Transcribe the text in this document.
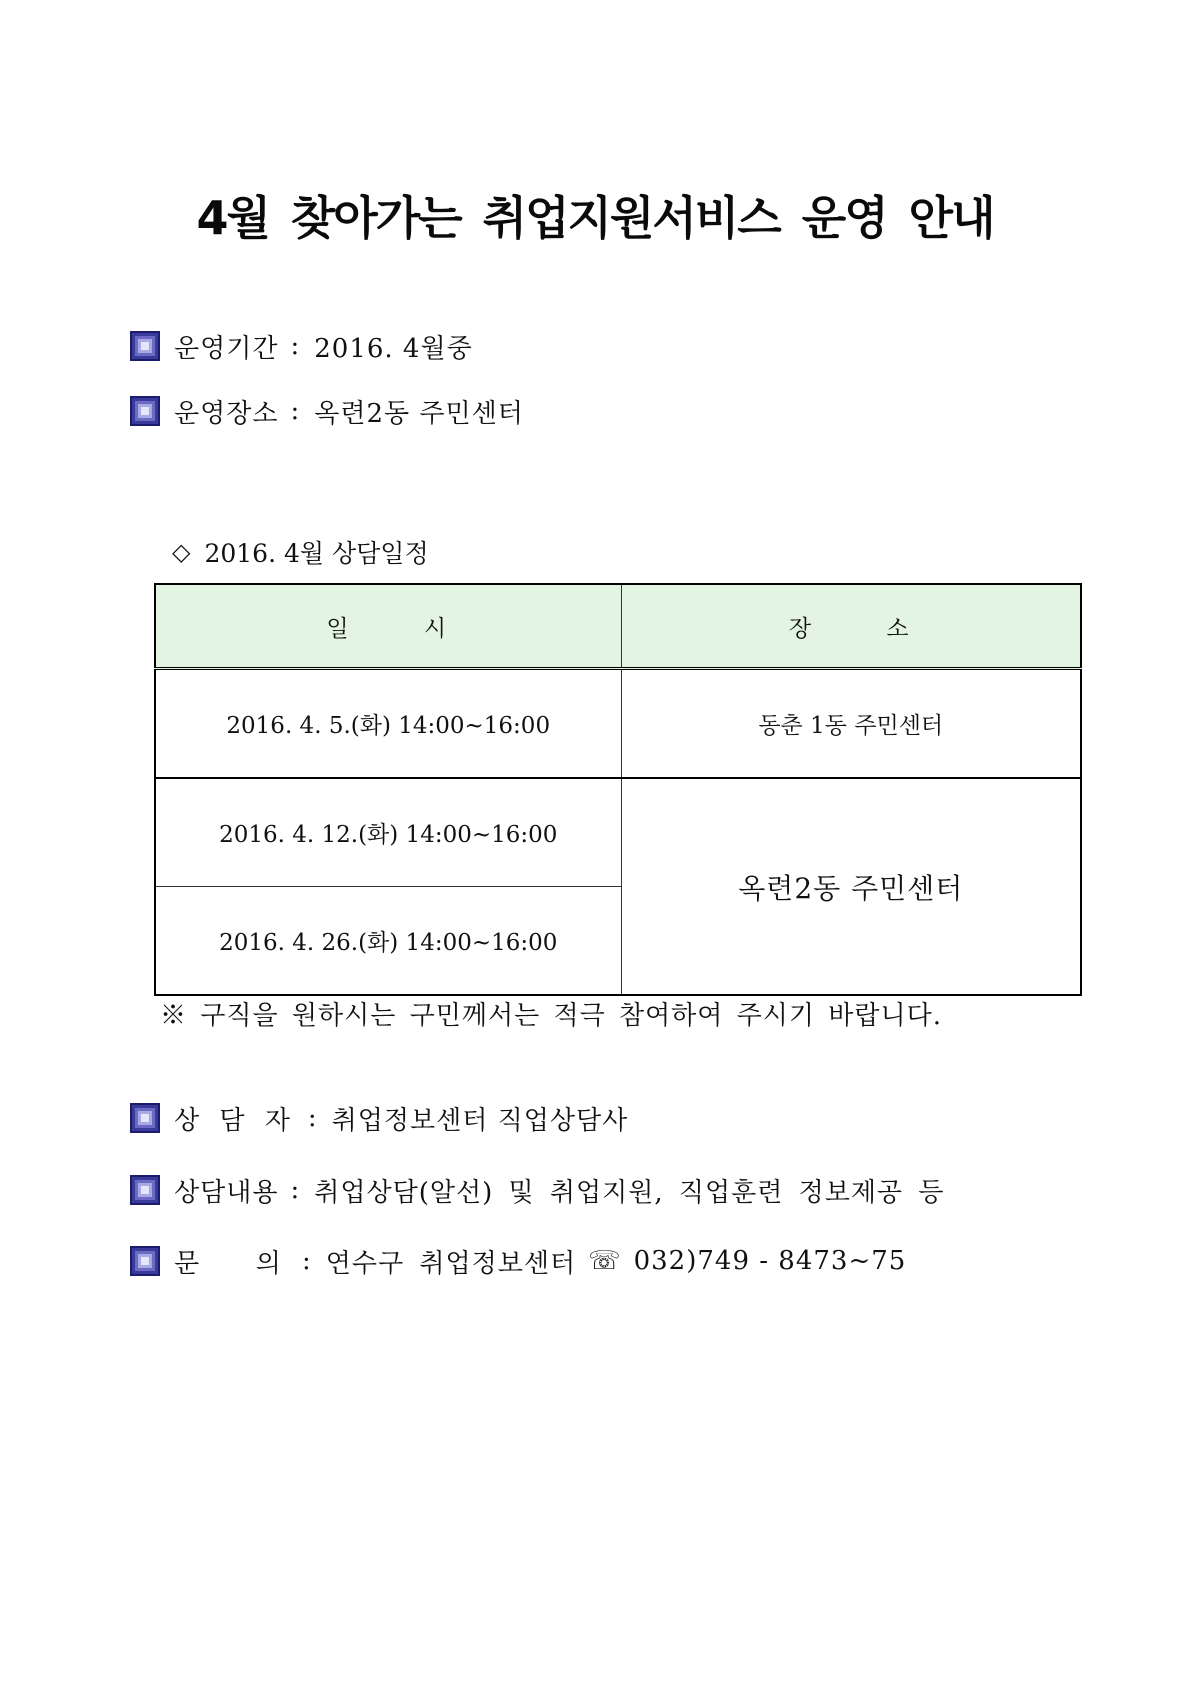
4월 찾아가는 취업지원서비스 운영 안내
운영기간 : 2016. 4월중
운영장소 : 옥련2동 주민센터
◇ 2016. 4월 상담일정
일 시	장 소
2016. 4. 5.(화) 14:00~16:00	동춘 1동 주민센터
2016. 4. 12.(화) 14:00~16:00	옥련2동 주민센터
2016. 4. 26.(화) 14:00~16:00	
※ 구직을 원하시는 구민께서는 적극 참여하여 주시기 바랍니다.
상 담 자 : 취업정보센터 직업상담사
상담내용 : 취업상담(알선) 및 취업지원, 직업훈련 정보제공 등
문      의 : 연수구 취업정보센터 ☏ 032)749 - 8473~75
